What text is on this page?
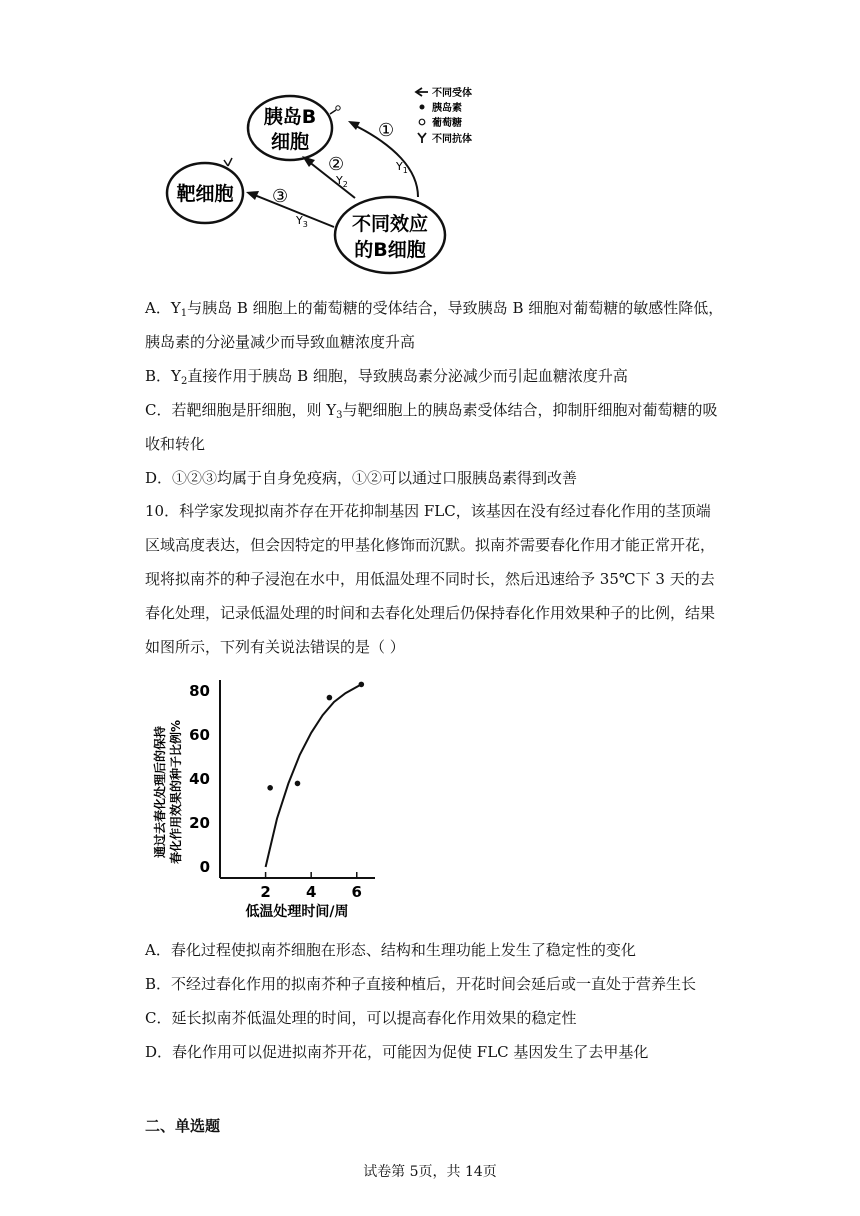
胰岛B
细胞
靶细胞
不同效应
的B细胞
①
$Y_1$
②
$Y_2$
③
$Y_3$
不同受体
胰岛素
葡萄糖
不同抗体
A．$Y_1$与胰岛 B 细胞上的葡萄糖的受体结合，导致胰岛 B 细胞对葡萄糖的敏感性降低，
胰岛素的分泌量减少而导致血糖浓度升高
B．$Y_2$直接作用于胰岛 B 细胞，导致胰岛素分泌减少而引起血糖浓度升高
C．若靶细胞是肝细胞，则 $Y_3$与靶细胞上的胰岛素受体结合，抑制肝细胞对葡萄糖的吸
收和转化
D．①②③均属于自身免疫病，①②可以通过口服胰岛素得到改善
10．科学家发现拟南芥存在开花抑制基因 FLC，该基因在没有经过春化作用的茎顶端区域高度表达，但会因特定的甲基化修饰而沉默。拟南芥需要春化作用才能正常开花，现将拟南芥的种子浸泡在水中，用低温处理不同时长，然后迅速给予 35℃下 3 天的去春化处理，记录低温处理的时间和去春化处理后仍保持春化作用效果种子的比例，结果如图所示，下列有关说法错误的是（ ）
通过去春化处理后的保持 春化作用效果的种子比例%
0
20
40
60
80
2 4 6
低温处理时间/周
A．春化过程使拟南芥细胞在形态、结构和生理功能上发生了稳定性的变化
B．不经过春化作用的拟南芥种子直接种植后，开花时间会延后或一直处于营养生长
C．延长拟南芥低温处理的时间，可以提高春化作用效果的稳定性
D．春化作用可以促进拟南芥开花，可能因为促使 FLC 基因发生了去甲基化
二、单选题
试卷第 5页，共 14页
